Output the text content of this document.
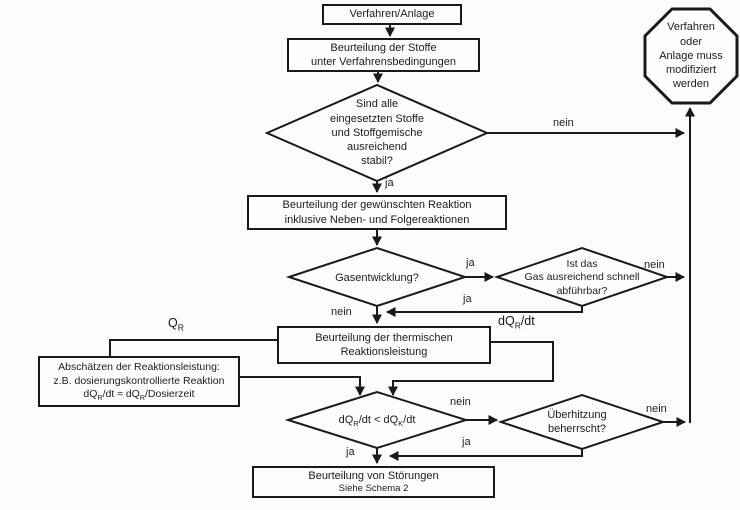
Verfahren/Anlage
Beurteilung der Stoffe
unter Verfahrensbedingungen
Beurteilung der gewünschten Reaktion
inklusive Neben- und Folgereaktionen
Beurteilung der thermischen
Reaktionsleistung
Abschätzen der Reaktionsleistung:
z.B. dosierungskontrollierte Reaktion
$dQ_R/dt$ ≈ $dQ_R$/Dosierzeit
Beurteilung von Störungen
Siehe Schema 2
Sind alle
eingesetzten Stoffe
und Stoffgemische
ausreichend
stabil?
Gasentwicklung?
Ist das
Gas ausreichend schnell
abführbar?
$dQ_R/dt < dQ_K/dt$	Überhitzung
beherrscht?
Verfahren
oder
Anlage muss
modifiziert
werden
nein
ja
ja	nein
ja
nein
nein
ja
nein
ja
$Q_R$	$dQ_R/dt$
